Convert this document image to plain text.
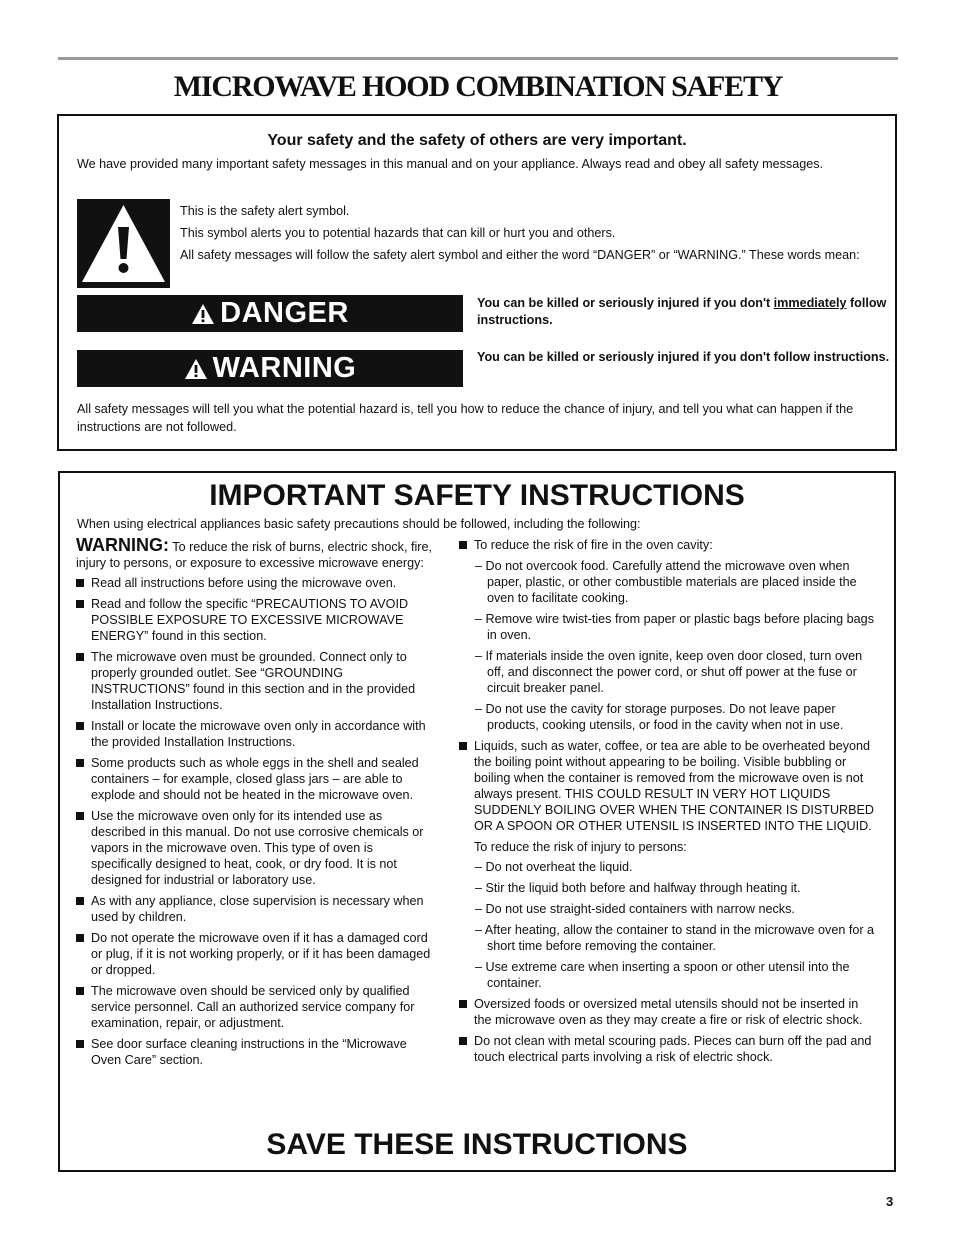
MICROWAVE HOOD COMBINATION SAFETY
Your safety and the safety of others are very important.
We have provided many important safety messages in this manual and on your appliance. Always read and obey all safety messages.

This is the safety alert symbol.

This symbol alerts you to potential hazards that can kill or hurt you and others.

All safety messages will follow the safety alert symbol and either the word “DANGER” or “WARNING.” These words mean:

DANGER	You can be killed or seriously injured if you don't immediately follow instructions.
WARNING	You can be killed or seriously injured if you don't follow instructions.
All safety messages will tell you what the potential hazard is, tell you how to reduce the chance of injury, and tell you what can happen if the instructions are not followed.
IMPORTANT SAFETY INSTRUCTIONS
When using electrical appliances basic safety precautions should be followed, including the following:

WARNING: To reduce the risk of burns, electric shock, fire, injury to persons, or exposure to excessive microwave energy:

Read all instructions before using the microwave oven.
Read and follow the specific “PRECAUTIONS TO AVOID POSSIBLE EXPOSURE TO EXCESSIVE MICROWAVE ENERGY” found in this section.
The microwave oven must be grounded. Connect only to properly grounded outlet. See “GROUNDING INSTRUCTIONS” found in this section and in the provided Installation Instructions.
Install or locate the microwave oven only in accordance with the provided Installation Instructions.
Some products such as whole eggs in the shell and sealed containers – for example, closed glass jars – are able to explode and should not be heated in the microwave oven.
Use the microwave oven only for its intended use as described in this manual. Do not use corrosive chemicals or vapors in the microwave oven. This type of oven is specifically designed to heat, cook, or dry food. It is not designed for industrial or laboratory use.
As with any appliance, close supervision is necessary when used by children.
Do not operate the microwave oven if it has a damaged cord or plug, if it is not working properly, or if it has been damaged or dropped.
The microwave oven should be serviced only by qualified service personnel. Call an authorized service company for examination, repair, or adjustment.
See door surface cleaning instructions in the “Microwave Oven Care” section.
To reduce the risk of fire in the oven cavity:
– Do not overcook food. Carefully attend the microwave oven when paper, plastic, or other combustible materials are placed inside the oven to facilitate cooking.
– Remove wire twist-ties from paper or plastic bags before placing bags in oven.
– If materials inside the oven ignite, keep oven door closed, turn oven off, and disconnect the power cord, or shut off power at the fuse or circuit breaker panel.
– Do not use the cavity for storage purposes. Do not leave paper products, cooking utensils, or food in the cavity when not in use.
Liquids, such as water, coffee, or tea are able to be overheated beyond the boiling point without appearing to be boiling. Visible bubbling or boiling when the container is removed from the microwave oven is not always present. THIS COULD RESULT IN VERY HOT LIQUIDS SUDDENLY BOILING OVER WHEN THE CONTAINER IS DISTURBED OR A SPOON OR OTHER UTENSIL IS INSERTED INTO THE LIQUID.
To reduce the risk of injury to persons:
– Do not overheat the liquid.
– Stir the liquid both before and halfway through heating it.
– Do not use straight-sided containers with narrow necks.
– After heating, allow the container to stand in the microwave oven for a short time before removing the container.
– Use extreme care when inserting a spoon or other utensil into the container.
Oversized foods or oversized metal utensils should not be inserted in the microwave oven as they may create a fire or risk of electric shock.
Do not clean with metal scouring pads. Pieces can burn off the pad and touch electrical parts involving a risk of electric shock.
SAVE THESE INSTRUCTIONS
3
